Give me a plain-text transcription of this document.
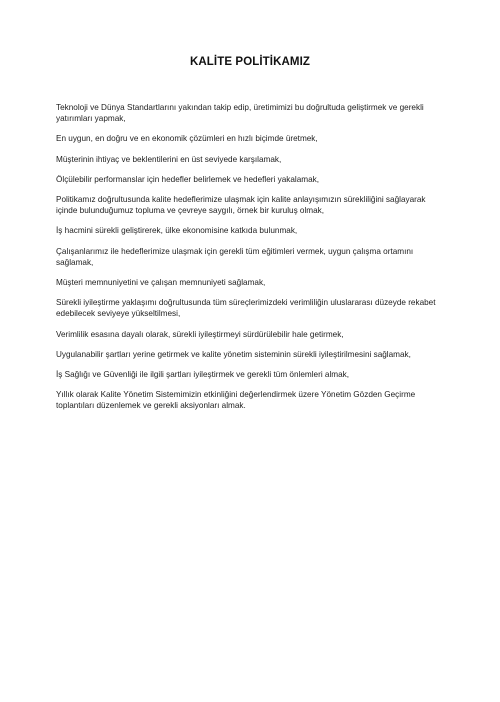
KALİTE POLİTİKAMIZ

Teknoloji ve Dünya Standartlarını yakından takip edip, üretimimizi bu doğrultuda geliştirmek ve gerekli yatırımları yapmak,

En uygun, en doğru ve en ekonomik çözümleri en hızlı biçimde üretmek,

Müşterinin ihtiyaç ve beklentilerini en üst seviyede karşılamak,

Ölçülebilir performanslar için hedefler belirlemek ve hedefleri yakalamak,

Politikamız doğrultusunda kalite hedeflerimize ulaşmak için kalite anlayışımızın sürekliliğini sağlayarak içinde bulunduğumuz topluma ve çevreye saygılı, örnek bir kuruluş olmak,

İş hacmini sürekli geliştirerek, ülke ekonomisine katkıda bulunmak,

Çalışanlarımız ile hedeflerimize ulaşmak için gerekli tüm eğitimleri vermek, uygun çalışma ortamını sağlamak,

Müşteri memnuniyetini ve çalışan memnuniyeti sağlamak,

Sürekli iyileştirme yaklaşımı doğrultusunda tüm süreçlerimizdeki verimliliğin uluslararası düzeyde rekabet edebilecek seviyeye yükseltilmesi,

Verimlilik esasına dayalı olarak, sürekli iyileştirmeyi sürdürülebilir hale getirmek,

Uygulanabilir şartları yerine getirmek ve kalite yönetim sisteminin sürekli iyileştirilmesini sağlamak,

İş Sağlığı ve Güvenliği ile ilgili şartları iyileştirmek ve gerekli tüm önlemleri almak,

Yıllık olarak Kalite Yönetim Sistemimizin etkinliğini değerlendirmek üzere Yönetim Gözden Geçirme toplantıları düzenlemek ve gerekli aksiyonları almak.
